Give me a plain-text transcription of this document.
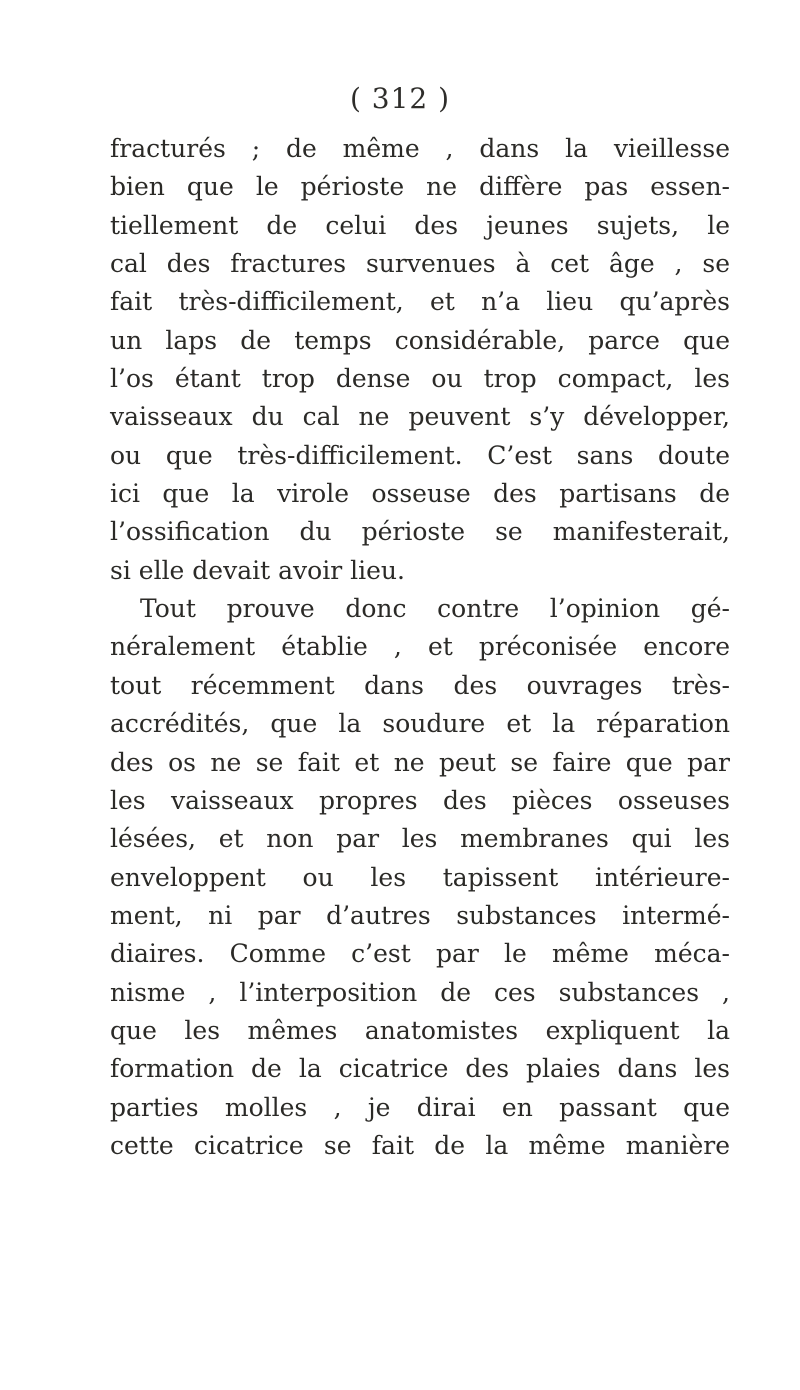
( 312 )
fracturés ; de même , dans la vieillesse
bien que le périoste ne diffère pas essen-
tiellement de celui des jeunes sujets, le
cal des fractures survenues à cet âge , se
fait très-difficilement, et n’a lieu qu’après
un laps de temps considérable, parce que
l’os étant trop dense ou trop compact, les
vaisseaux du cal ne peuvent s’y développer,
ou que très-difficilement. C’est sans doute
ici que la virole osseuse des partisans de
l’ossification du périoste se manifesterait,
si elle devait avoir lieu.
Tout prouve donc contre l’opinion gé-
néralement établie , et préconisée encore
tout récemment dans des ouvrages très-
accrédités, que la soudure et la réparation
des os ne se fait et ne peut se faire que par
les vaisseaux propres des pièces osseuses
lésées, et non par les membranes qui les
enveloppent ou les tapissent intérieure-
ment, ni par d’autres substances intermé-
diaires. Comme c’est par le même méca-
nisme , l’interposition de ces substances ,
que les mêmes anatomistes expliquent la
formation de la cicatrice des plaies dans les
parties molles , je dirai en passant que
cette cicatrice se fait de la même manière
